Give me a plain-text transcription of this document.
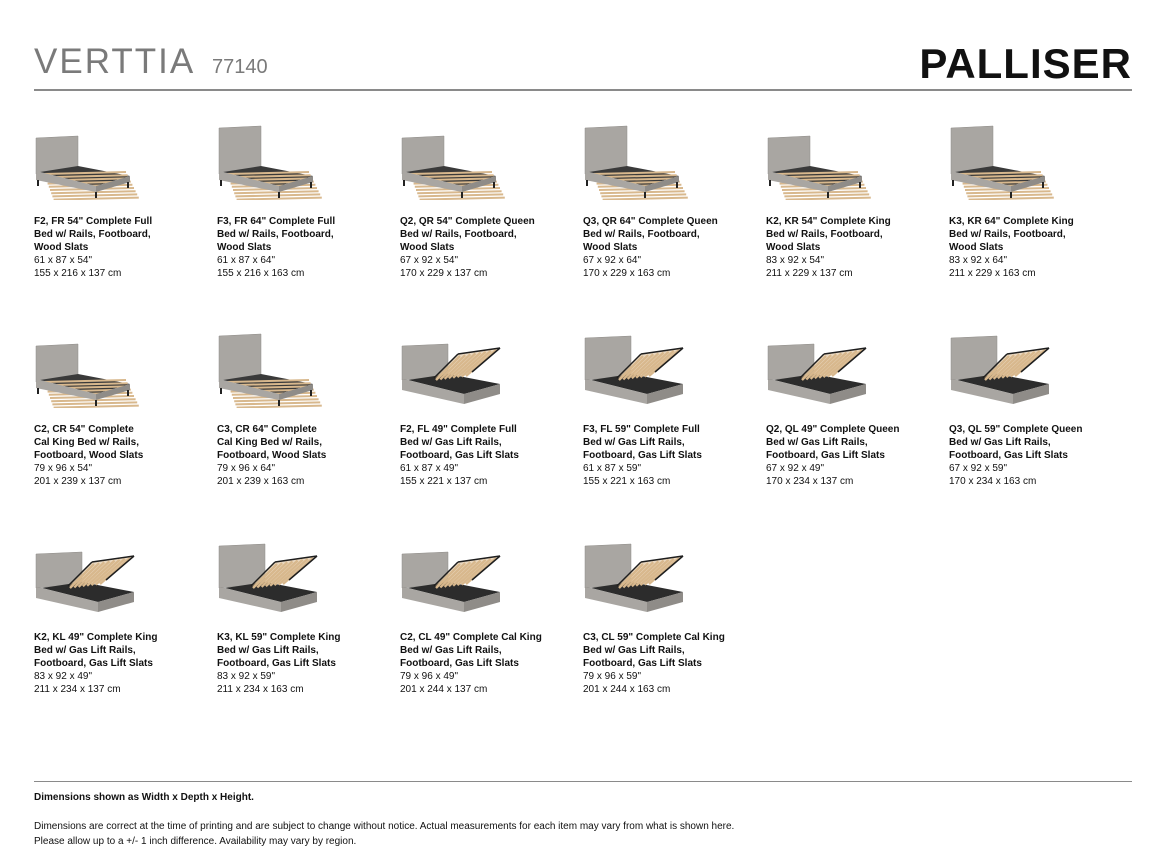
VERTTIA 77140	PALLISER
F2, FR 54" Complete Full
Bed w/ Rails, Footboard,
Wood Slats
61 x 87 x 54"
155 x 216 x 137 cm
F3, FR 64" Complete Full
Bed w/ Rails, Footboard,
Wood Slats
61 x 87 x 64"
155 x 216 x 163 cm
Q2, QR 54" Complete Queen
Bed w/ Rails, Footboard,
Wood Slats
67 x 92 x 54"
170 x 229 x 137 cm
Q3, QR 64" Complete Queen
Bed w/ Rails, Footboard,
Wood Slats
67 x 92 x 64"
170 x 229 x 163 cm
K2, KR 54" Complete King
Bed w/ Rails, Footboard,
Wood Slats
83 x 92 x 54"
211 x 229 x 137 cm
K3, KR 64" Complete King
Bed w/ Rails, Footboard,
Wood Slats
83 x 92 x 64"
211 x 229 x 163 cm
C2, CR 54" Complete
Cal King Bed w/ Rails,
Footboard, Wood Slats
79 x 96 x 54"
201 x 239 x 137 cm
C3, CR 64" Complete
Cal King Bed w/ Rails,
Footboard, Wood Slats
79 x 96 x 64"
201 x 239 x 163 cm
F2, FL 49" Complete Full
Bed w/ Gas Lift Rails,
Footboard, Gas Lift Slats
61 x 87 x 49"
155 x 221 x 137 cm
F3, FL 59" Complete Full
Bed w/ Gas Lift Rails,
Footboard, Gas Lift Slats
61 x 87 x 59"
155 x 221 x 163 cm
Q2, QL 49" Complete Queen
Bed w/ Gas Lift Rails,
Footboard, Gas Lift Slats
67 x 92 x 49"
170 x 234 x 137 cm
Q3, QL 59" Complete Queen
Bed w/ Gas Lift Rails,
Footboard, Gas Lift Slats
67 x 92 x 59"
170 x 234 x 163 cm
K2, KL 49" Complete King
Bed w/ Gas Lift Rails,
Footboard, Gas Lift Slats
83 x 92 x 49"
211 x 234 x 137 cm
K3, KL 59" Complete King
Bed w/ Gas Lift Rails,
Footboard, Gas Lift Slats
83 x 92 x 59"
211 x 234 x 163 cm
C2, CL 49" Complete Cal King
Bed w/ Gas Lift Rails,
Footboard, Gas Lift Slats
79 x 96 x 49"
201 x 244 x 137 cm
C3, CL 59" Complete Cal King
Bed w/ Gas Lift Rails,
Footboard, Gas Lift Slats
79 x 96 x 59"
201 x 244 x 163 cm
Dimensions shown as Width x Depth x Height.
Dimensions are correct at the time of printing and are subject to change without notice. Actual measurements for each item may vary from what is shown here.
Please allow up to a +/- 1 inch difference. Availability may vary by region.
